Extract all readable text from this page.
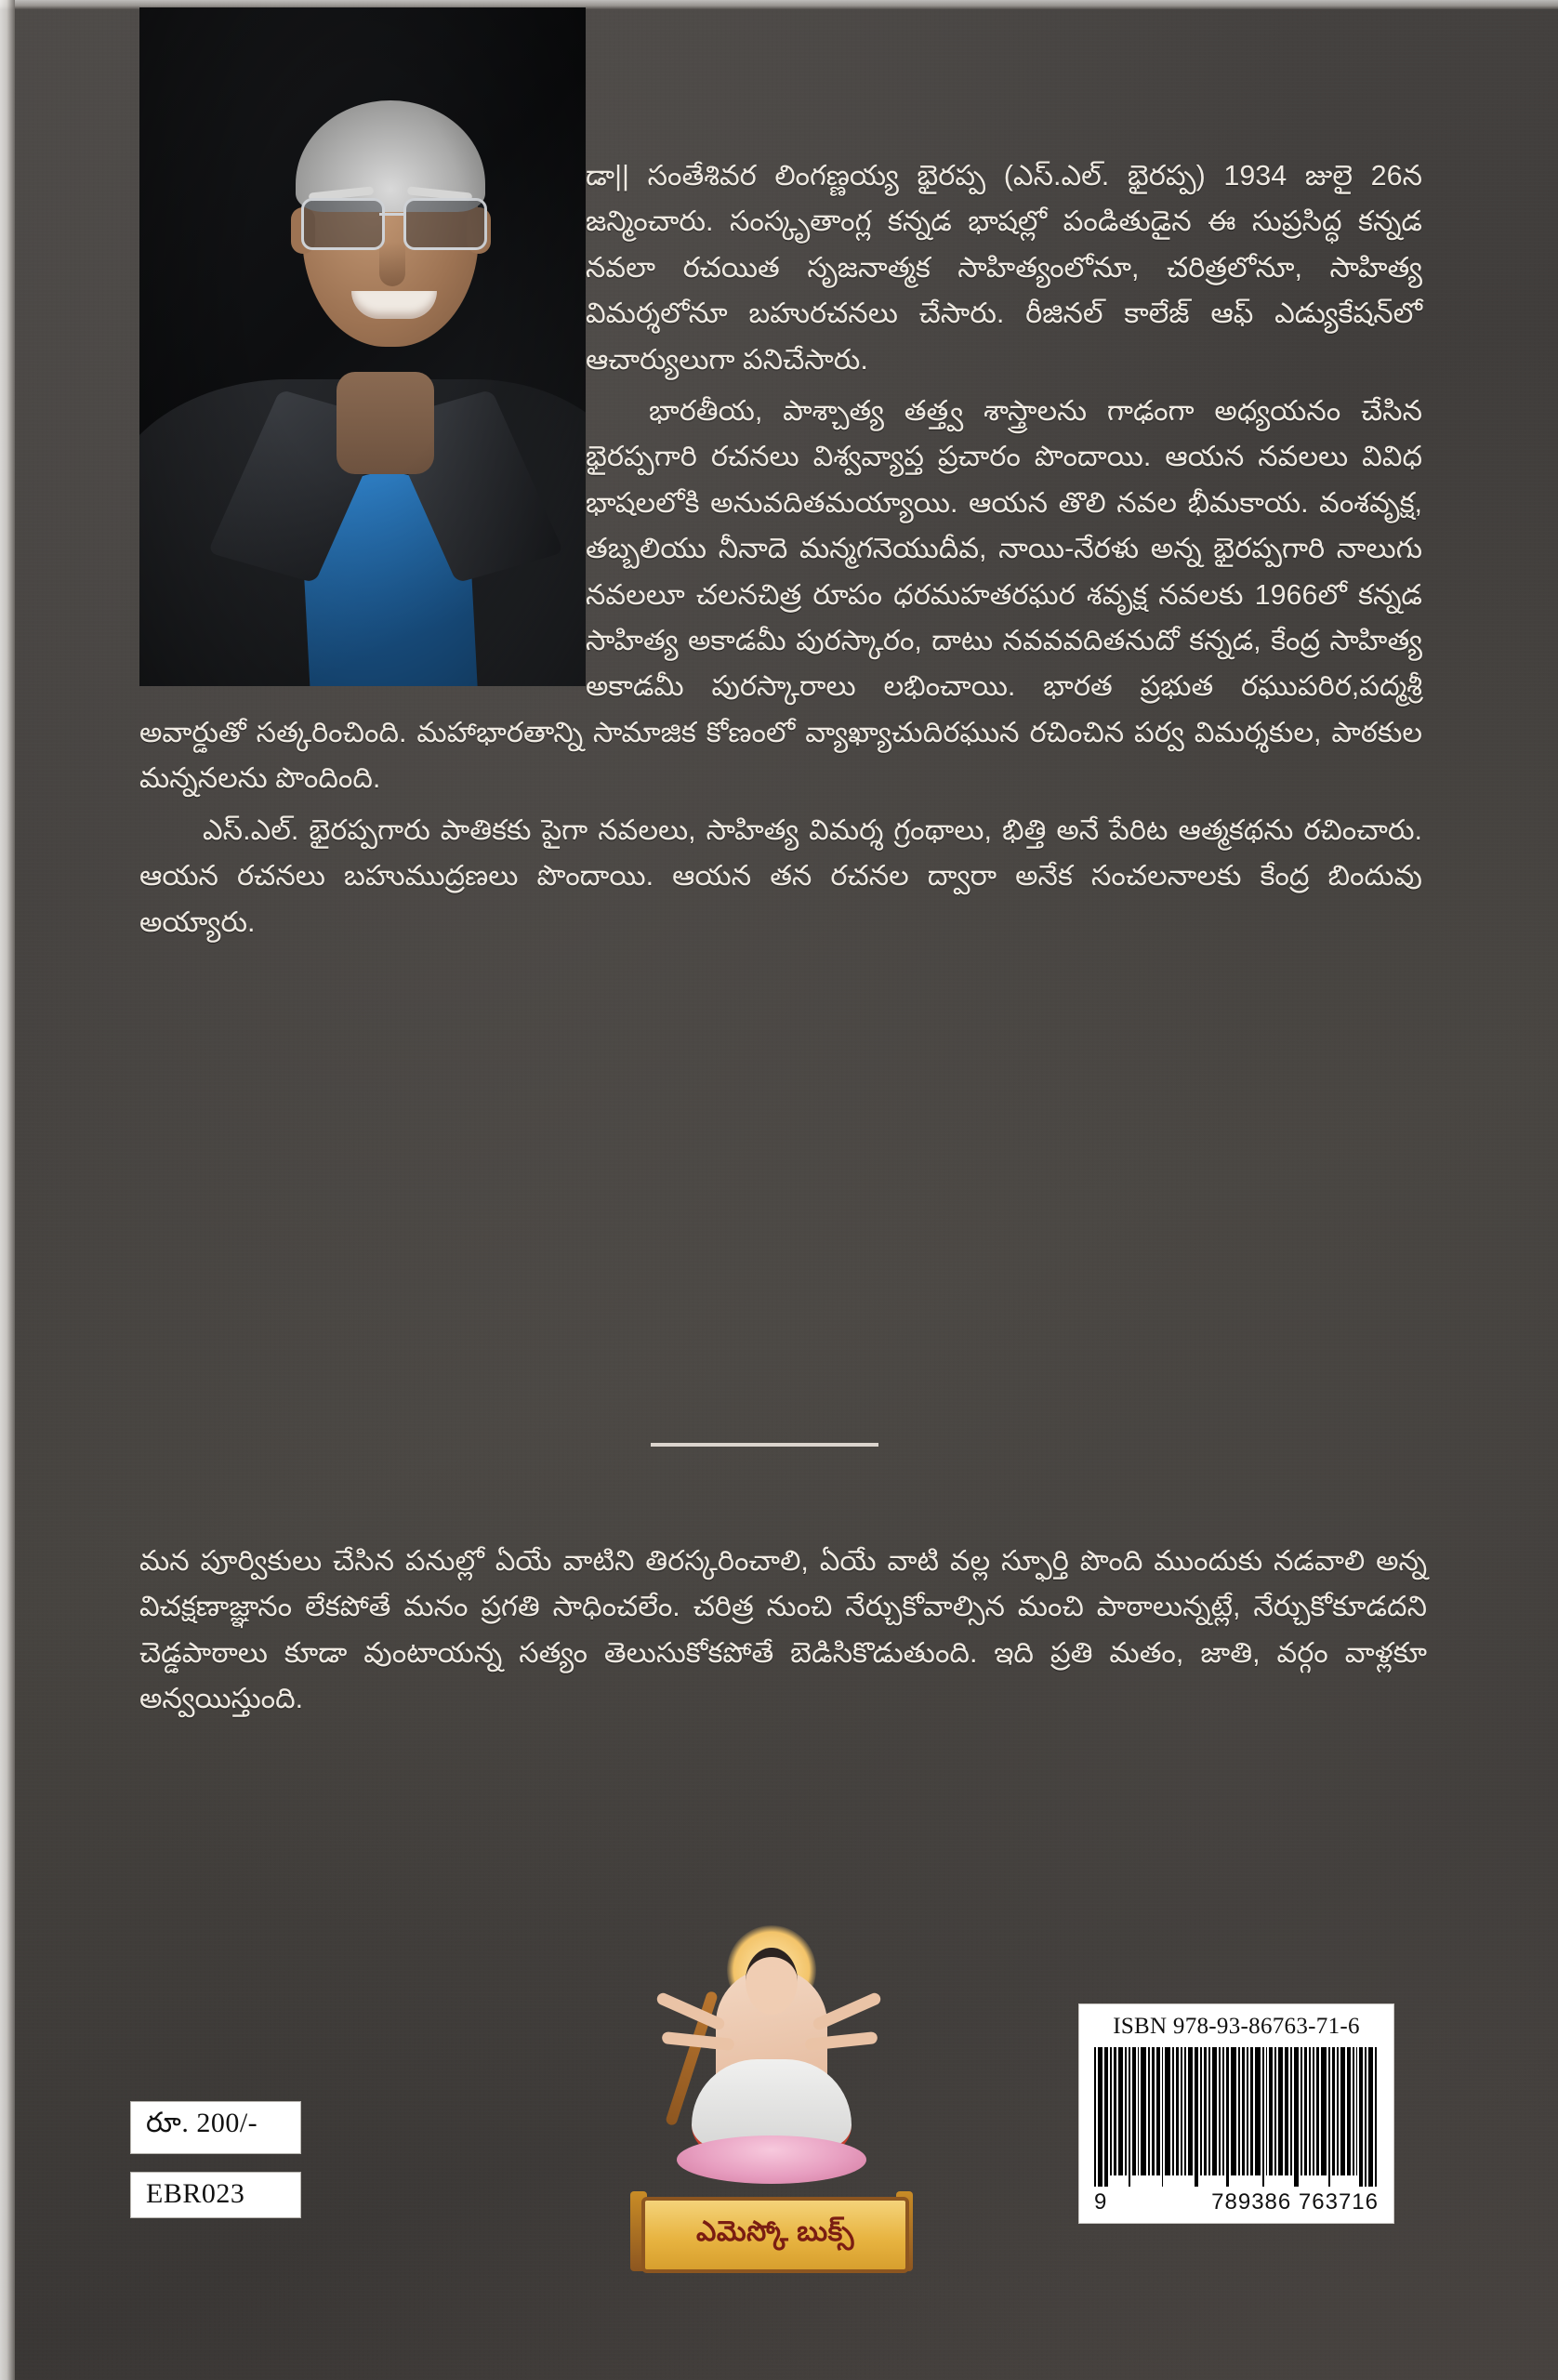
డా|| సంతేశివర లింగణ్ణయ్య భైరప్ప (ఎస్.ఎల్. భైరప్ప) 1934 జులై 26న జన్మించారు. సంస్కృతాంగ్ల కన్నడ భాషల్లో పండితుడైన ఈ సుప్రసిద్ధ కన్నడ నవలా రచయిత సృజనాత్మక సాహిత్యంలోనూ, చరిత్రలోనూ, సాహిత్య విమర్శలోనూ బహురచనలు చేసారు. రీజినల్ కాలేజ్ ఆఫ్ ఎడ్యుకేషన్‌లో ఆచార్యులుగా పనిచేసారు.

భారతీయ, పాశ్చాత్య తత్త్వ శాస్త్రాలను గాఢంగా అధ్యయనం చేసిన భైరప్పగారి రచనలు విశ్వవ్యాప్త ప్రచారం పొందాయి. ఆయన నవలలు వివిధ భాషలలోకి అనువదితమయ్యాయి. ఆయన తొలి నవల భీమకాయ. వంశవృక్ష, తబ్బలియు నీనాదె మన్మగనెయుదీవ, నాయి-నేరళు అన్న భైరప్పగారి నాలుగు నవలలూ చలనచిత్ర రూపం ధరమహతరఘర శవృక్ష నవలకు 1966లో కన్నడ సాహిత్య అకాడమీ పురస్కారం, దాటు నవవవదితనుదో కన్నడ, కేంద్ర సాహిత్య అకాడమీ పురస్కారాలు లభించాయి. భారత ప్రభుత రఘుపరిర,పద్మశ్రీ అవార్డుతో సత్కరించింది. మహాభారతాన్ని సామాజిక కోణంలో వ్యాఖ్యాచుదిరఘున రచించిన పర్వ విమర్శకుల, పాఠకుల మన్ననలను పొందింది.

ఎస్.ఎల్. భైరప్పగారు పాతికకు పైగా నవలలు, సాహిత్య విమర్శ గ్రంథాలు, భిత్తి అనే పేరిట ఆత్మకథను రచించారు. ఆయన రచనలు బహుముద్రణలు పొందాయి. ఆయన తన రచనల ద్వారా అనేక సంచలనాలకు కేంద్ర బిందువు అయ్యారు.

మన పూర్వికులు చేసిన పనుల్లో ఏయే వాటిని తిరస్కరించాలి, ఏయే వాటి వల్ల స్ఫూర్తి పొంది ముందుకు నడవాలి అన్న విచక్షణాజ్ఞానం లేకపోతే మనం ప్రగతి సాధించలేం. చరిత్ర నుంచి నేర్చుకోవాల్సిన మంచి పాఠాలున్నట్లే, నేర్చుకోకూడదని చెడ్డపాఠాలు కూడా వుంటాయన్న సత్యం తెలుసుకోకపోతే బెడిసికొడుతుంది. ఇది ప్రతి మతం, జాతి, వర్గం వాళ్లకూ అన్వయిస్తుంది.

రూ. 200/-
EBR023
ఎమెస్కో బుక్స్
ISBN 978-93-86763-71-6
9	789386 763716
